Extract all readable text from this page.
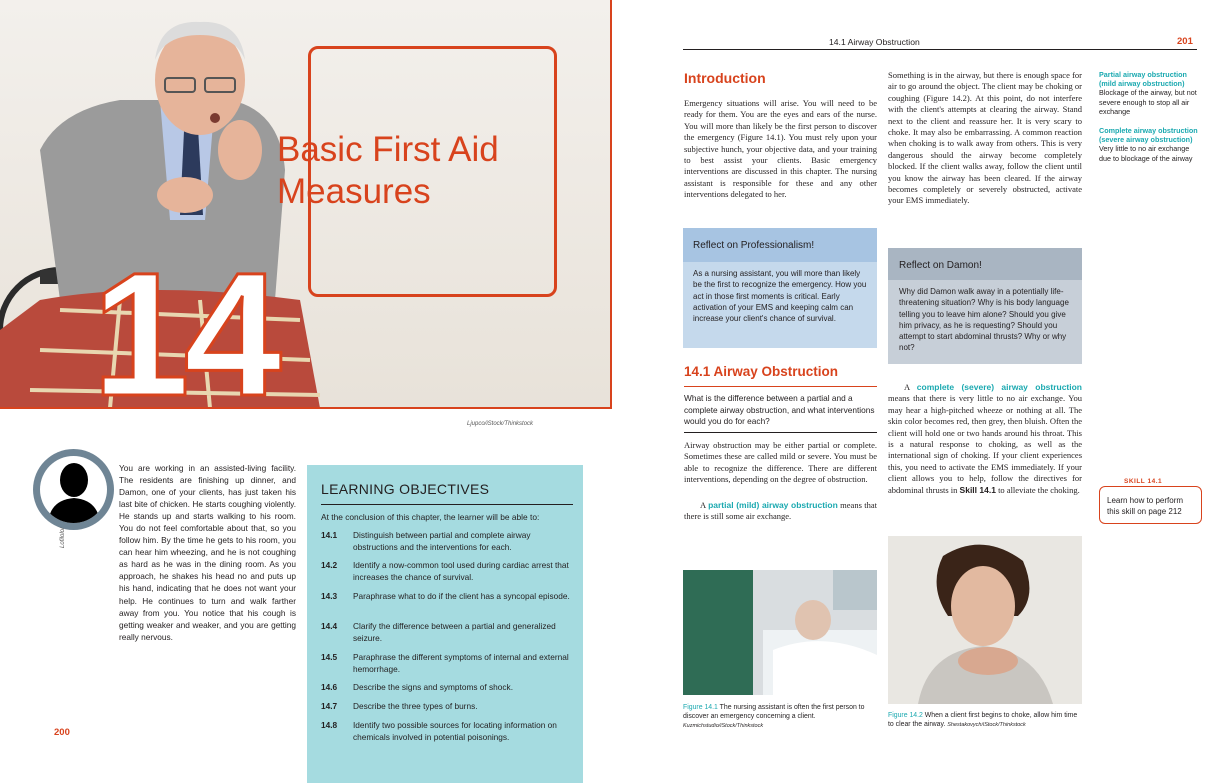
14
Basic First Aid
Measures
Ljupco/iStock/Thinkstock
Lofilolo/

You are working in an assisted-living facility. The residents are finishing up dinner, and Damon, one of your clients, has just taken his last bite of chicken. He starts coughing violently. He stands up and starts walking to his room. You do not feel comfortable about that, so you follow him. By the time he gets to his room, you can hear him wheezing, and he is not coughing as hard as he was in the dining room. As you approach, he shakes his head no and puts up his hand, indicating that he does not want your help. He continues to turn and walk farther away from you. You notice that his cough is getting weaker and weaker, and you are getting really nervous.

LEARNING OBJECTIVES
At the conclusion of this chapter, the learner will be able to:
14.1 Distinguish between partial and complete airway obstructions and the interventions for each.
14.2 Identify a now-common tool used during cardiac arrest that increases the chance of survival.
14.3 Paraphrase what to do if the client has a syncopal episode.
14.4 Clarify the difference between a partial and generalized seizure.
14.5 Paraphrase the different symptoms of internal and external hemorrhage.
14.6 Describe the signs and symptoms of shock.
14.7 Describe the three types of burns.
14.8 Identify two possible sources for locating information on chemicals involved in potential poisonings.
200
14.1 Airway Obstruction	201
Introduction

Emergency situations will arise. You will need to be ready for them. You are the eyes and ears of the nurse. You will more than likely be the first person to discover the emergency (Figure 14.1). You must rely upon your subjective hunch, your objective data, and your training to best assist your clients. Basic emergency interventions are discussed in this chapter. The nursing assistant is responsible for these and any other interventions delegated to her.

Reflect on Professionalism!
As a nursing assistant, you will more than likely be the first to recognize the emergency. How you act in those first moments is critical. Early activation of your EMS and keeping calm can increase your client's chance of survival.
14.1 Airway Obstruction

What is the difference between a partial and a complete airway obstruction, and what interventions would you do for each?

Airway obstruction may be either partial or complete. Sometimes these are called mild or severe. You must be able to recognize the difference. There are different interventions, depending on the degree of obstruction.

A partial (mild) airway obstruction means that there is still some air exchange.

Figure 14.1 The nursing assistant is often the first person to discover an emergency concerning a client. Kuzmichstudio/iStock/Thinkstock

Something is in the airway, but there is enough space for air to go around the object. The client may be choking or coughing (Figure 14.2). At this point, do not interfere with the client's attempts at clearing the airway. Stand next to the client and reassure her. It is very scary to choke. It may also be embarrassing. A common reaction when choking is to walk away from others. This is very dangerous should the airway become completely blocked. If the client walks away, follow the client until you know the airway has been cleared. If the airway becomes completely or severely obstructed, activate your EMS immediately.

Reflect on Damon!
Why did Damon walk away in a potentially life-threatening situation? Why is his body language telling you to leave him alone? Should you give him privacy, as he is requesting? Should you attempt to start abdominal thrusts? Why or why not?

A complete (severe) airway obstruction means that there is very little to no air exchange. You may hear a high-pitched wheeze or nothing at all. The skin color becomes red, then grey, then bluish. Often the client will hold one or two hands around his throat. This is a natural response to choking, as well as the international sign of choking. If your client experiences this, you need to activate the EMS immediately. If your client allows you to help, follow the directives for abdominal thrusts in Skill 14.1 to alleviate the choking.

Figure 14.2 When a client first begins to choke, allow him time to clear the airway. Shestakovych/iStock/Thinkstock

Partial airway obstruction (mild airway obstruction) Blockage of the airway, but not severe enough to stop all air exchange

Complete airway obstruction (severe airway obstruction) Very little to no air exchange due to blockage of the airway

Learn how to perform this skill on page 212
SKILL 14.1
